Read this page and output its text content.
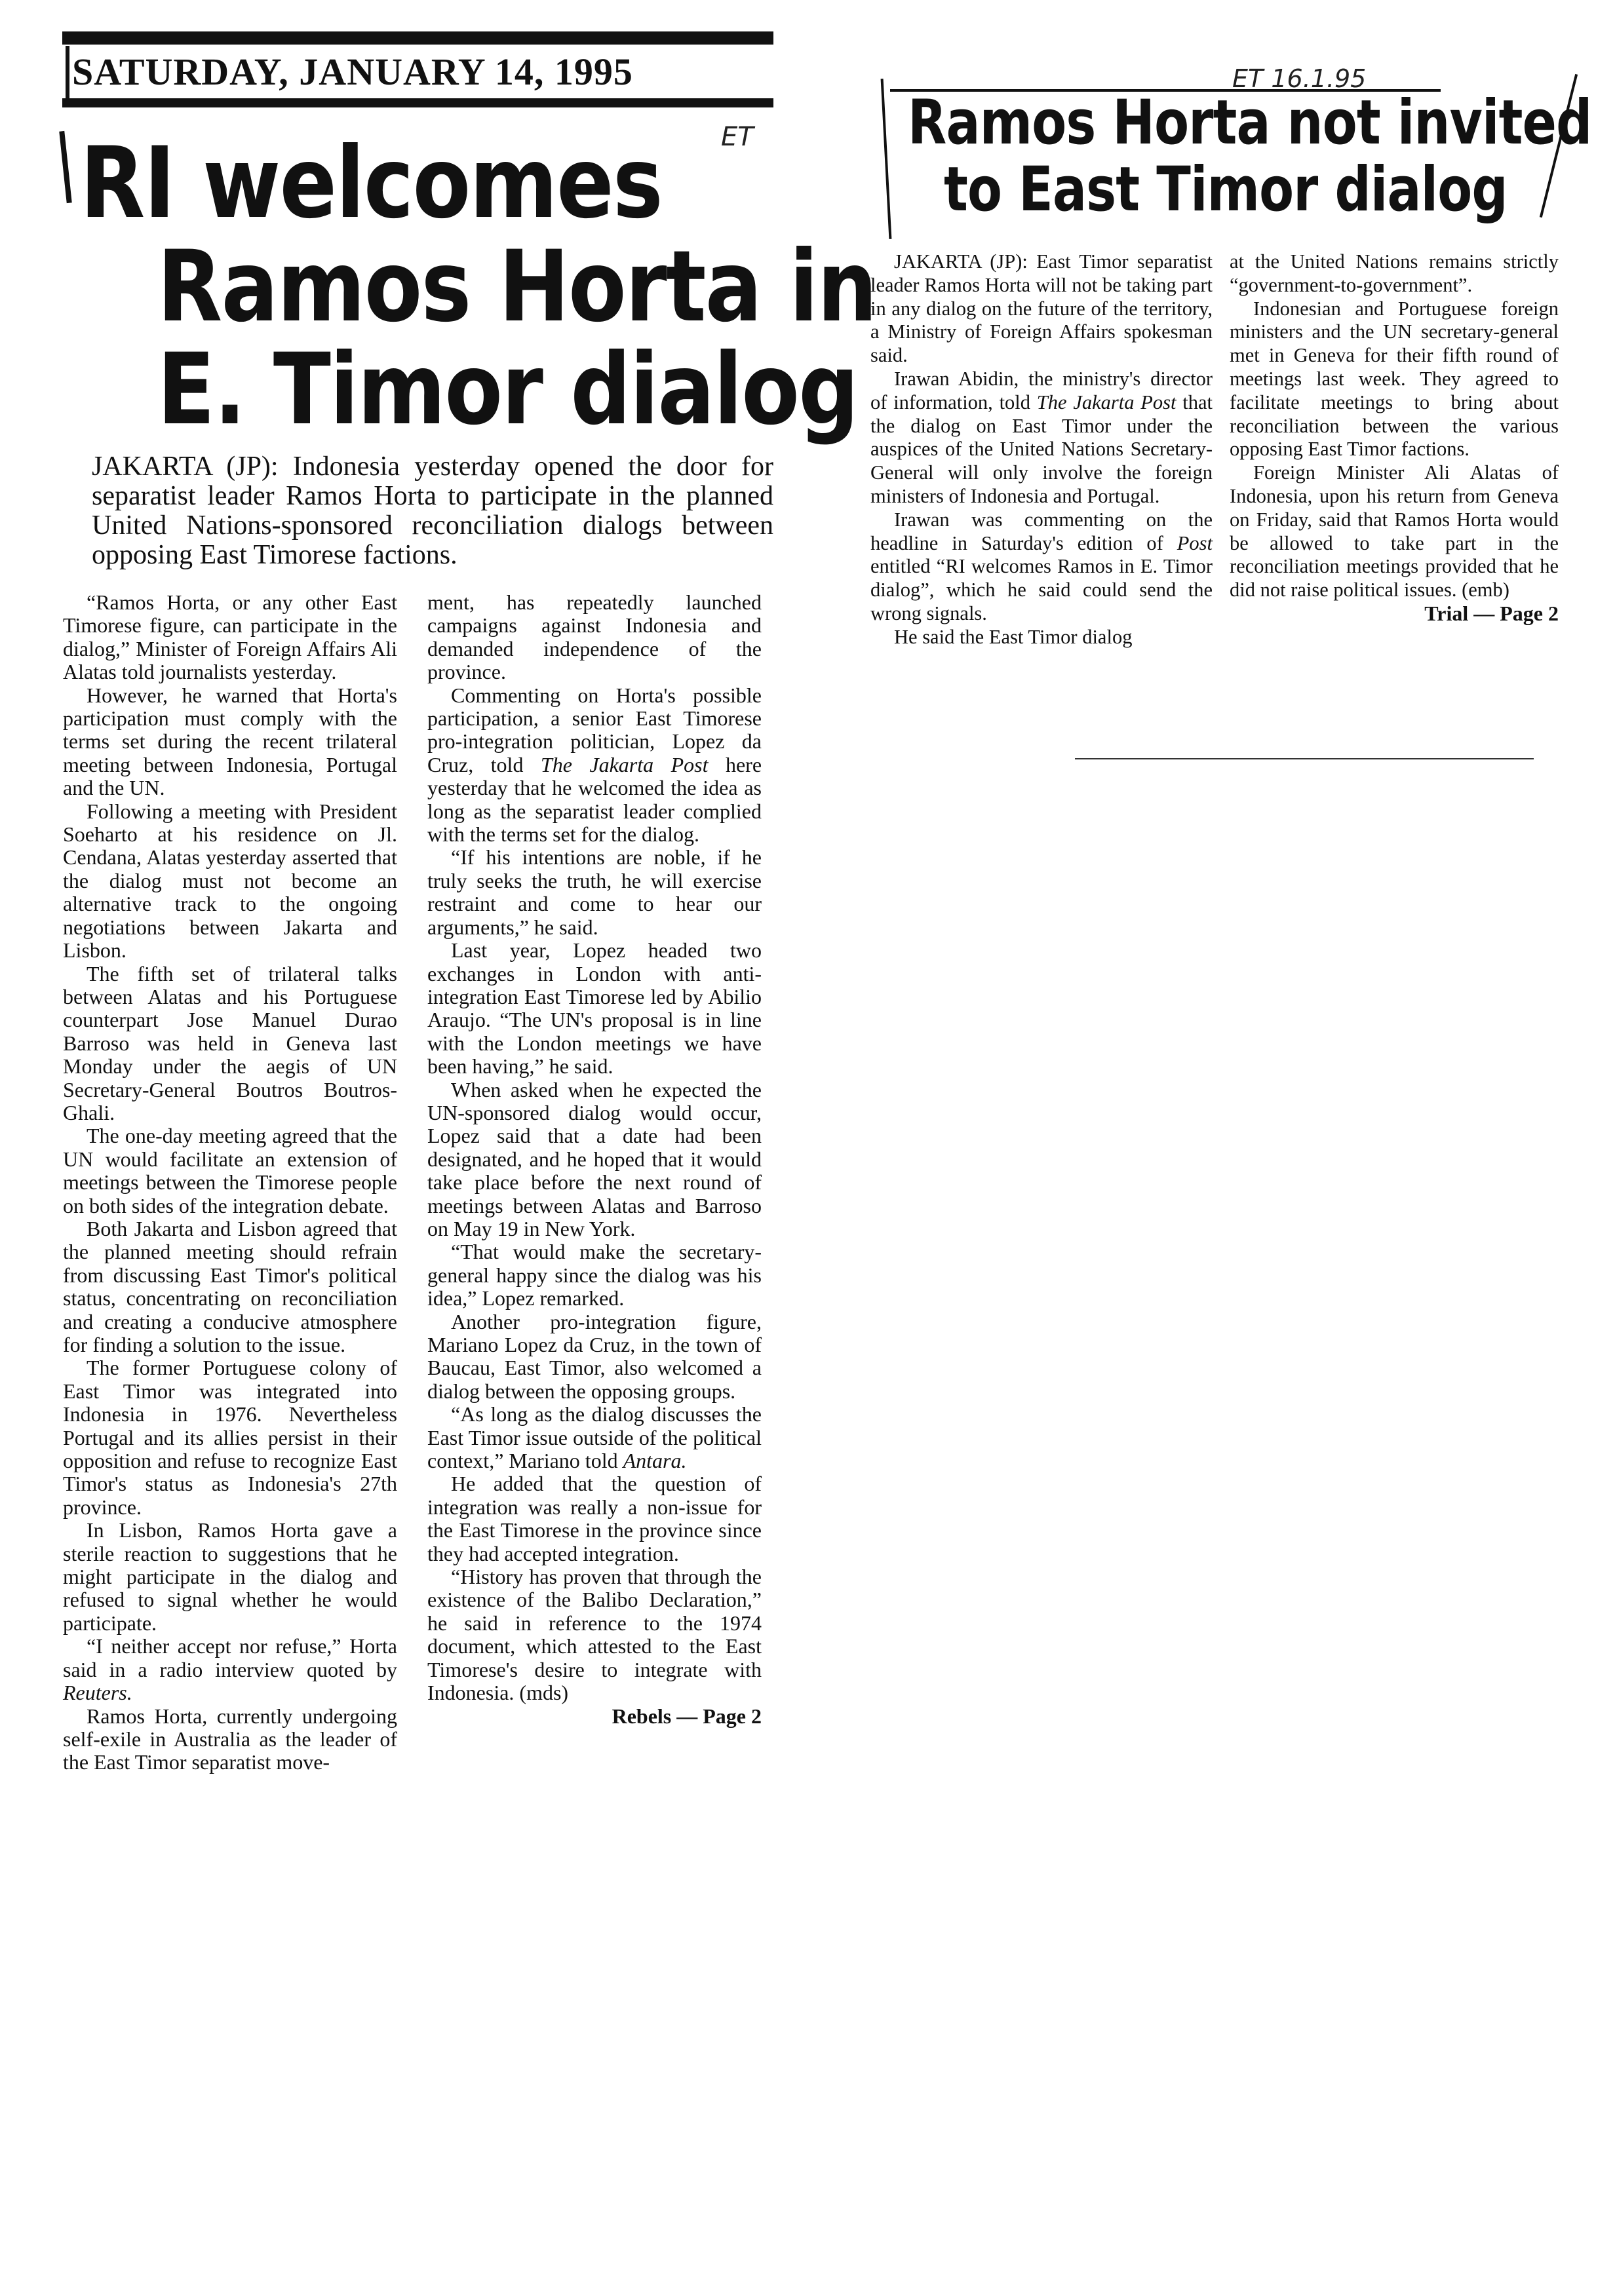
SATURDAY, JANUARY 14, 1995
RI welcomes
Ramos Horta in
E. Timor dialog
ET
JAKARTA (JP): Indonesia yesterday opened the door for separatist leader Ramos Horta to participate in the planned United Nations-sponsored reconciliation dialogs between opposing East Timorese factions.

“Ramos Horta, or any other East Timorese figure, can participate in the dialog,” Minister of Foreign Affairs Ali Alatas told journalists yesterday.

However, he warned that Horta's participation must comply with the terms set during the recent trilateral meeting between Indonesia, Portugal and the UN.

Following a meeting with President Soeharto at his residence on Jl. Cendana, Alatas yesterday asserted that the dialog must not become an alternative track to the ongoing negotiations between Jakarta and Lisbon.

The fifth set of trilateral talks between Alatas and his Portuguese counterpart Jose Manuel Durao Barroso was held in Geneva last Monday under the aegis of UN Secretary-General Boutros Boutros-Ghali.

The one-day meeting agreed that the UN would facilitate an extension of meetings between the Timorese people on both sides of the integration debate.

Both Jakarta and Lisbon agreed that the planned meeting should refrain from discussing East Timor's political status, concentrating on reconciliation and creating a conducive atmosphere for finding a solution to the issue.

The former Portuguese colony of East Timor was integrated into Indonesia in 1976. Nevertheless Portugal and its allies persist in their opposition and refuse to recognize East Timor's status as Indonesia's 27th province.

In Lisbon, Ramos Horta gave a sterile reaction to suggestions that he might participate in the dialog and refused to signal whether he would participate.

“I neither accept nor refuse,” Horta said in a radio interview quoted by Reuters.

Ramos Horta, currently undergoing self-exile in Australia as the leader of the East Timor separatist move-

ment, has repeatedly launched campaigns against Indonesia and demanded independence of the province.

Commenting on Horta's possible participation, a senior East Timorese pro-integration politician, Lopez da Cruz, told The Jakarta Post here yesterday that he welcomed the idea as long as the separatist leader complied with the terms set for the dialog.

“If his intentions are noble, if he truly seeks the truth, he will exercise restraint and come to hear our arguments,” he said.

Last year, Lopez headed two exchanges in London with anti-integration East Timorese led by Abilio Araujo. “The UN's proposal is in line with the London meetings we have been having,” he said.

When asked when he expected the UN-sponsored dialog would occur, Lopez said that a date had been designated, and he hoped that it would take place before the next round of meetings between Alatas and Barroso on May 19 in New York.

“That would make the secretary-general happy since the dialog was his idea,” Lopez remarked.

Another pro-integration figure, Mariano Lopez da Cruz, in the town of Baucau, East Timor, also welcomed a dialog between the opposing groups.

“As long as the dialog discusses the East Timor issue outside of the political context,” Mariano told Antara.

He added that the question of integration was really a non-issue for the East Timorese in the province since they had accepted integration.

“History has proven that through the existence of the Balibo Declaration,” he said in reference to the 1974 document, which attested to the East Timorese's desire to integrate with Indonesia. (mds)

Rebels — Page 2
ET 16.1.95
Ramos Horta not invited
to East Timor dialog

JAKARTA (JP): East Timor separatist leader Ramos Horta will not be taking part in any dialog on the future of the territory, a Ministry of Foreign Affairs spokesman said.

Irawan Abidin, the ministry's director of information, told The Jakarta Post that the dialog on East Timor under the auspices of the United Nations Secretary-General will only involve the foreign ministers of Indonesia and Portugal.

Irawan was commenting on the headline in Saturday's edition of Post entitled “RI welcomes Ramos in E. Timor dialog”, which he said could send the wrong signals.

He said the East Timor dialog

at the United Nations remains strictly “government-to-government”.

Indonesian and Portuguese foreign ministers and the UN secretary-general met in Geneva for their fifth round of meetings last week. They agreed to facilitate meetings to bring about reconciliation between the various opposing East Timor factions.

Foreign Minister Ali Alatas of Indonesia, upon his return from Geneva on Friday, said that Ramos Horta would be allowed to take part in the reconciliation meetings provided that he did not raise political issues. (emb)

Trial — Page 2
